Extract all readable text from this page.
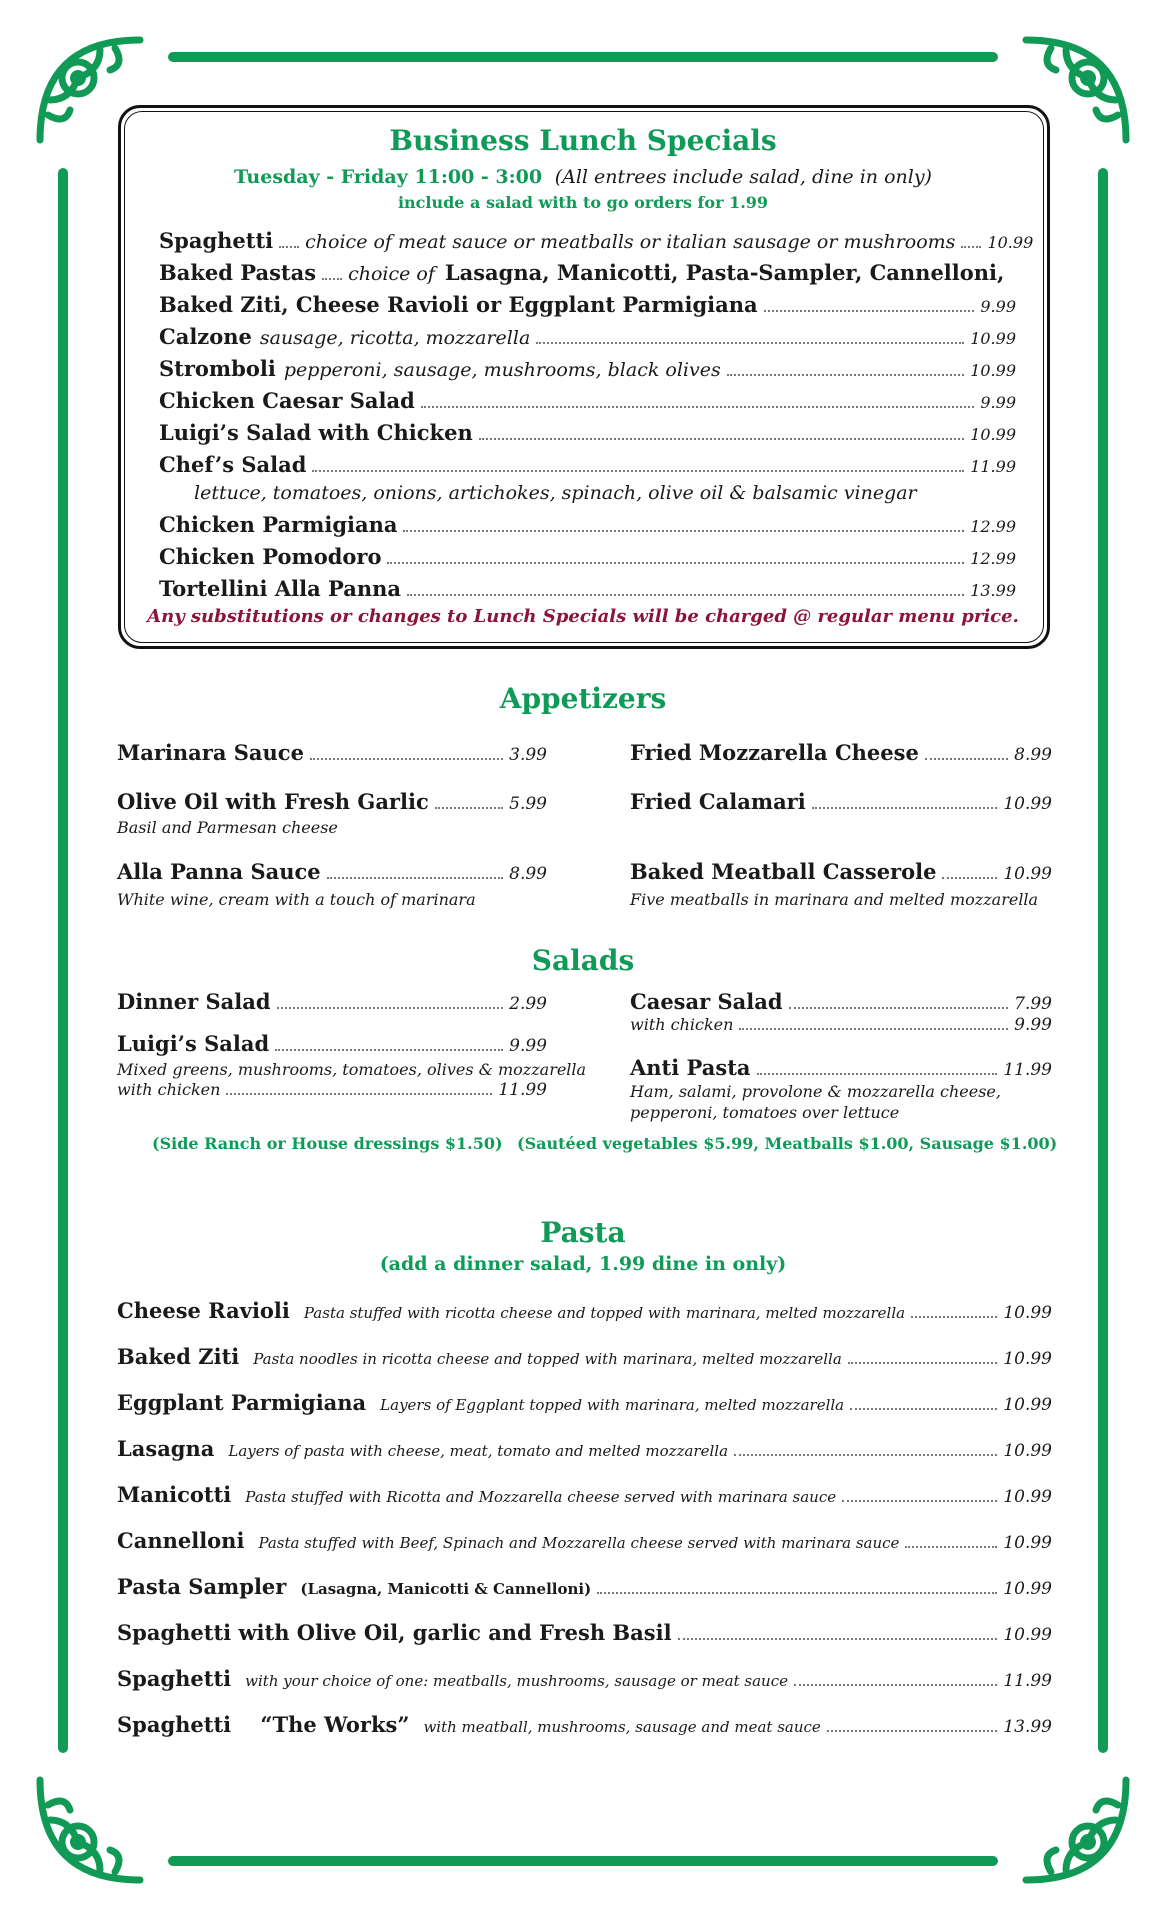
Business Lunch Specials
Tuesday - Friday 11:00 - 3:00 (All entrees include salad, dine in only)
include a salad with to go orders for 1.99
Spaghetti choice of meat sauce or meatballs or italian sausage or mushrooms 10.99
Baked Pastas choice of Lasagna, Manicotti, Pasta-Sampler, Cannelloni,
Baked Ziti, Cheese Ravioli or Eggplant Parmigiana	9.99
Calzone sausage, ricotta, mozzarella	10.99
Stromboli pepperoni, sausage, mushrooms, black olives	10.99
Chicken Caesar Salad	9.99
Luigi’s Salad with Chicken	10.99
Chef’s Salad	11.99
lettuce, tomatoes, onions, artichokes, spinach, olive oil & balsamic vinegar
Chicken Parmigiana	12.99
Chicken Pomodoro	12.99
Tortellini Alla Panna	13.99
Any substitutions or changes to Lunch Specials will be charged @ regular menu price.
Appetizers
Marinara Sauce	3.99
Olive Oil with Fresh Garlic	5.99
Basil and Parmesan cheese
Alla Panna Sauce	8.99
White wine, cream with a touch of marinara
Fried Mozzarella Cheese	8.99
Fried Calamari	10.99
Baked Meatball Casserole	10.99
Five meatballs in marinara and melted mozzarella
Salads
Dinner Salad	2.99
Luigi’s Salad	9.99
Mixed greens, mushrooms, tomatoes, olives & mozzarella
with chicken	11.99
Caesar Salad	7.99
with chicken	9.99
Anti Pasta	11.99
Ham, salami, provolone & mozzarella cheese,
pepperoni, tomatoes over lettuce
(Side Ranch or House dressings $1.50) (Sautéed vegetables $5.99, Meatballs $1.00, Sausage $1.00)
Pasta
(add a dinner salad, 1.99 dine in only)
Cheese Ravioli Pasta stuffed with ricotta cheese and topped with marinara, melted mozzarella	10.99
Baked Ziti Pasta noodles in ricotta cheese and topped with marinara, melted mozzarella	10.99
Eggplant Parmigiana Layers of Eggplant topped with marinara, melted mozzarella	10.99
Lasagna Layers of pasta with cheese, meat, tomato and melted mozzarella	10.99
Manicotti Pasta stuffed with Ricotta and Mozzarella cheese served with marinara sauce	10.99
Cannelloni Pasta stuffed with Beef, Spinach and Mozzarella cheese served with marinara sauce	10.99
Pasta Sampler (Lasagna, Manicotti & Cannelloni)	10.99
Spaghetti with Olive Oil, garlic and Fresh Basil	10.99
Spaghetti with your choice of one: meatballs, mushrooms, sausage or meat sauce	11.99
Spaghetti    “The Works” with meatball, mushrooms, sausage and meat sauce	13.99
